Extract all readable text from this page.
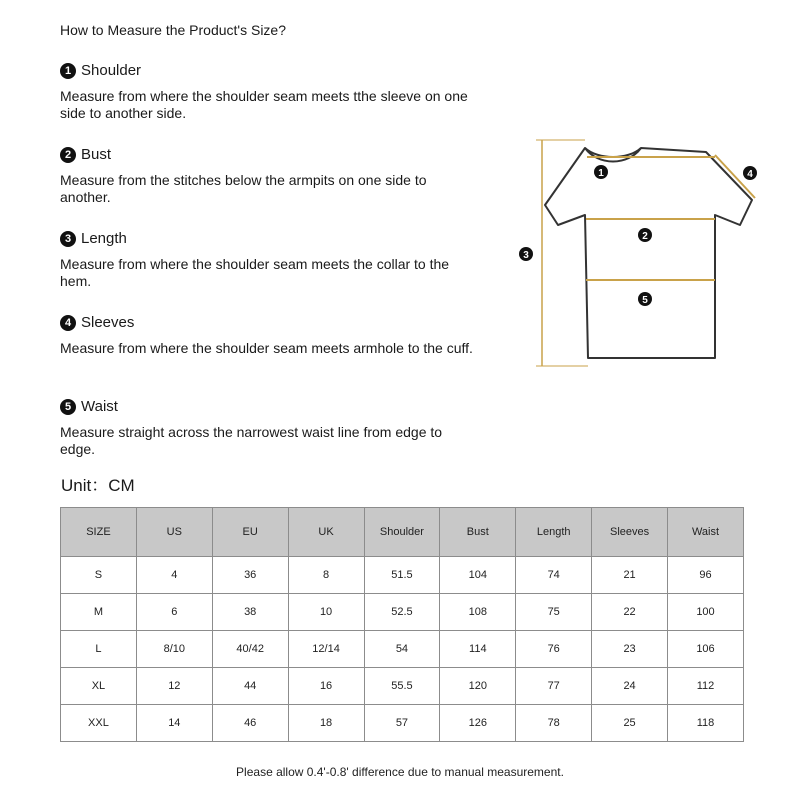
How to Measure the Product's Size?
1 Shoulder
Measure from where the shoulder seam meets tthe sleeve on one side to another side.
2 Bust
Measure from the stitches below the armpits on one side to another.
3 Length
Measure from where the shoulder seam meets the collar to the hem.
4 Sleeves
Measure from where the shoulder seam meets armhole to the cuff.
5 Waist
Measure straight across the narrowest waist line from edge to edge.
1
2
3
4
5
Unit：CM
SIZE	US	EU	UK	Shoulder	Bust	Length	Sleeves	Waist
S	4	36	8	51.5	104	74	21	96
M	6	38	10	52.5	108	75	22	100
L	8/10	40/42	12/14	54	114	76	23	106
XL	12	44	16	55.5	120	77	24	112
XXL	14	46	18	57	126	78	25	118
Please allow 0.4'-0.8' difference due to manual measurement.
